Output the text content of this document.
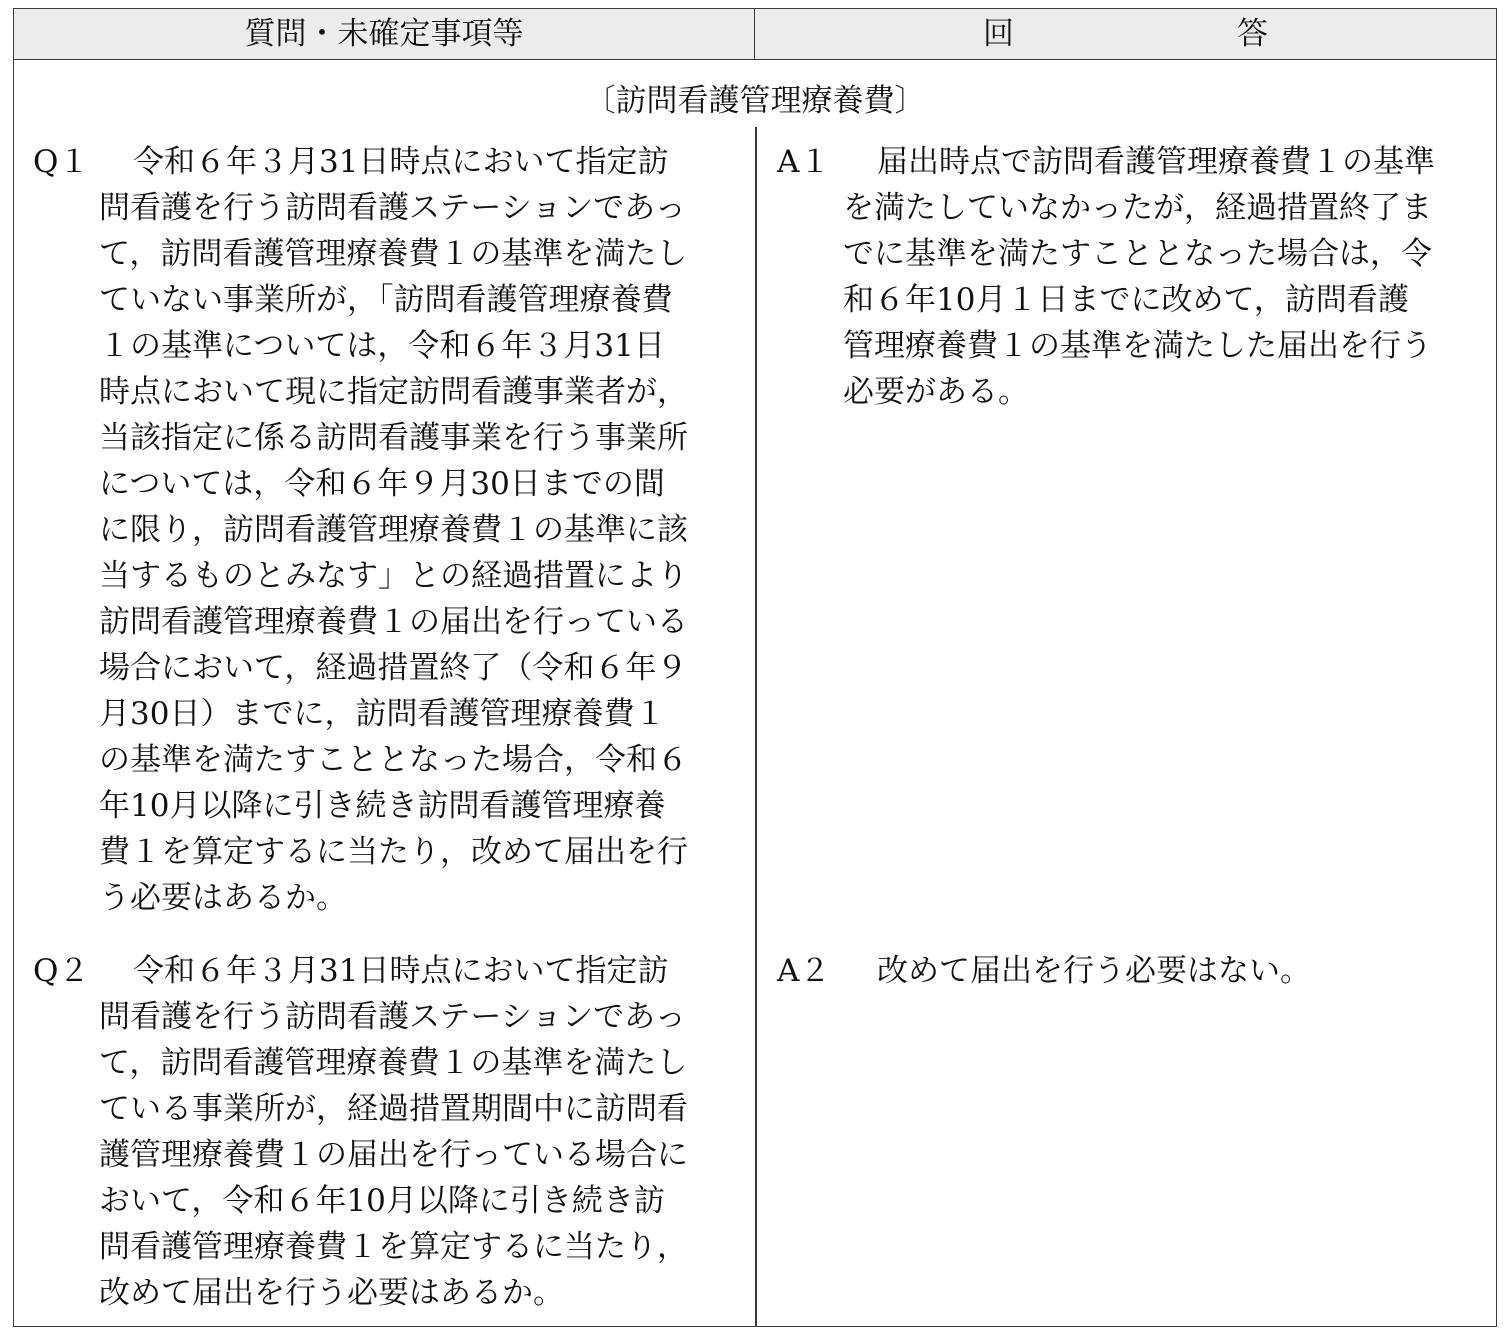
質問・未確定事項等	回　答
〔訪問看護管理療養費〕
Q１ 令和６年３月31日時点において指定訪
問看護を行う訪問看護ステーションであっ
て，訪問看護管理療養費１の基準を満たし
ていない事業所が，「訪問看護管理療養費
１の基準については，令和６年３月31日
時点において現に指定訪問看護事業者が，
当該指定に係る訪問看護事業を行う事業所
については，令和６年９月30日までの間
に限り，訪問看護管理療養費１の基準に該
当するものとみなす」との経過措置により
訪問看護管理療養費１の届出を行っている
場合において，経過措置終了（令和６年９
月30日）までに，訪問看護管理療養費１
の基準を満たすこととなった場合，令和６
年10月以降に引き続き訪問看護管理療養
費１を算定するに当たり，改めて届出を行
う必要はあるか。
A１ 届出時点で訪問看護管理療養費１の基準
を満たしていなかったが，経過措置終了ま
でに基準を満たすこととなった場合は，令
和６年10月１日までに改めて，訪問看護
管理療養費１の基準を満たした届出を行う
必要がある。
Q２ 令和６年３月31日時点において指定訪
問看護を行う訪問看護ステーションであっ
て，訪問看護管理療養費１の基準を満たし
ている事業所が，経過措置期間中に訪問看
護管理療養費１の届出を行っている場合に
おいて，令和６年10月以降に引き続き訪
問看護管理療養費１を算定するに当たり，
改めて届出を行う必要はあるか。
A２ 改めて届出を行う必要はない。
